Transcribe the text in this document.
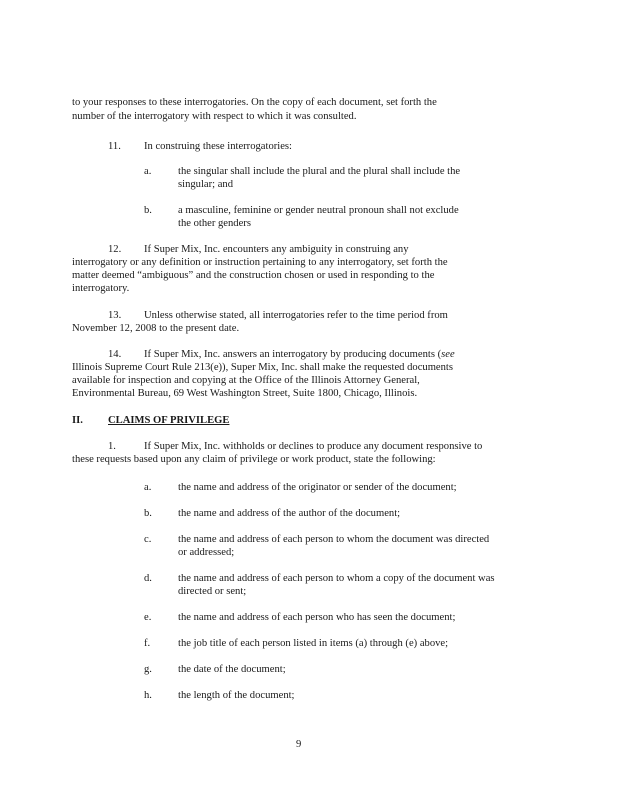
to your responses to these interrogatories. On the copy of each document, set forth the
number of the interrogatory with respect to which it was consulted.
11. In construing these interrogatories:
a.	the singular shall include the plural and the plural shall include the
singular; and
b. a masculine, feminine or gender neutral pronoun shall not exclude
the other genders
12. If Super Mix, Inc. encounters any ambiguity in construing any
interrogatory or any definition or instruction pertaining to any interrogatory, set forth the
matter deemed “ambiguous” and the construction chosen or used in responding to the
interrogatory.
13. Unless otherwise stated, all interrogatories refer to the time period from
November 12, 2008 to the present date.
14. If Super Mix, Inc. answers an interrogatory by producing documents (see
Illinois Supreme Court Rule 213(e)), Super Mix, Inc. shall make the requested documents
available for inspection and copying at the Office of the Illinois Attorney General,
Environmental Bureau, 69 West Washington Street, Suite 1800, Chicago, Illinois.
II. CLAIMS OF PRIVILEGE
1.	If Super Mix, Inc. withholds or declines to produce any document responsive to
these requests based upon any claim of privilege or work product, state the following:
a.	the name and address of the originator or sender of the document;
b. the name and address of the author of the document;
c.	the name and address of each person to whom the document was directed
or addressed;
d. the name and address of each person to whom a copy of the document was
directed or sent;
e.	the name and address of each person who has seen the document;
f.	the job title of each person listed in items (a) through (e) above;
g. the date of the document;
h. the length of the document;
9
